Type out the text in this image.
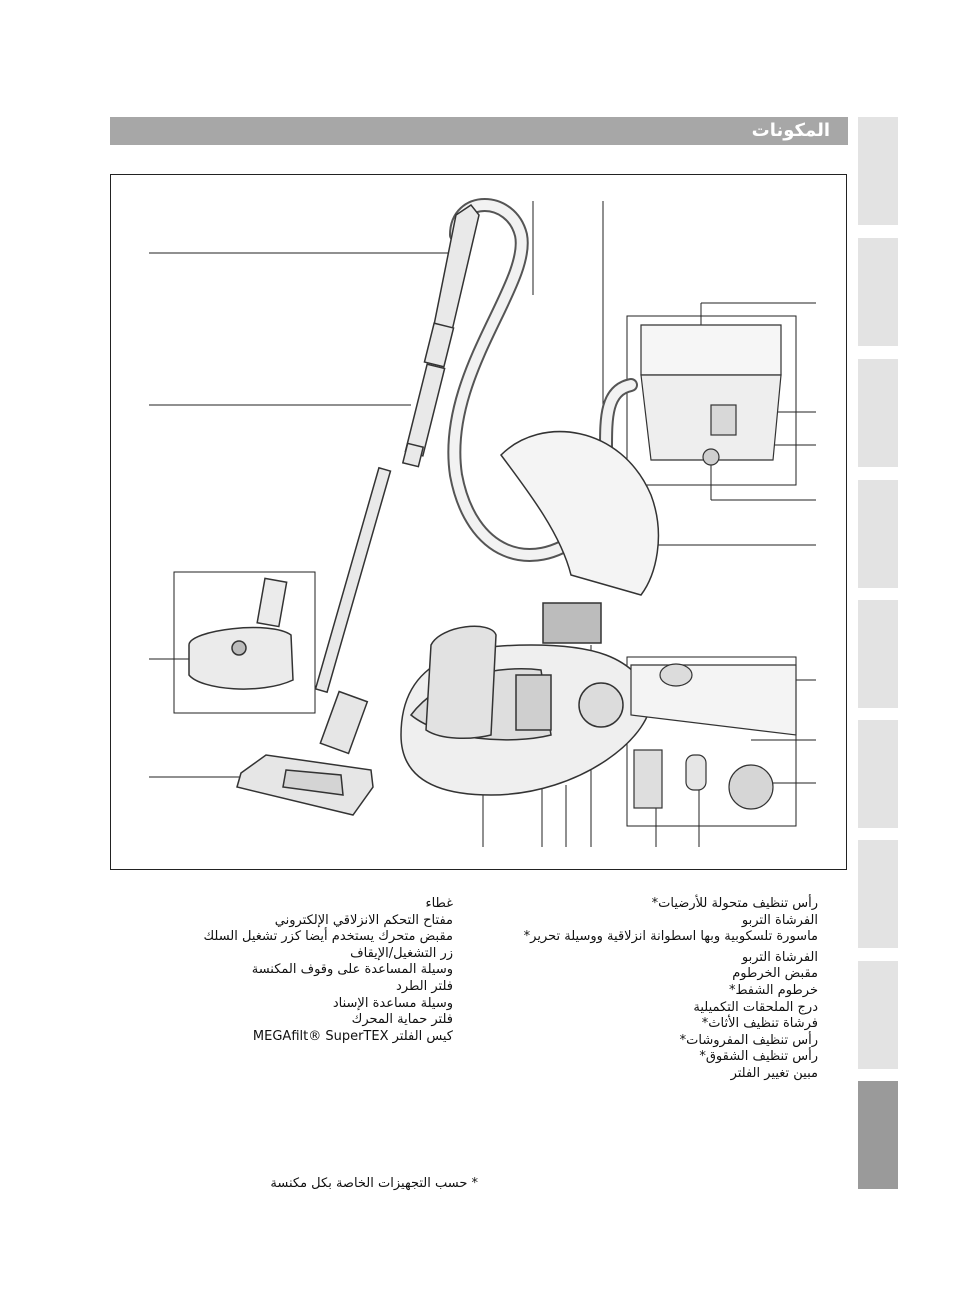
المكونات
رأس تنظيف متحولة للأرضيات*
الفرشاة التربو
ماسورة تلسكوبية وبها اسطوانة انزلاقية ووسيلة تحرير*
الفرشاة التربو
مقبض الخرطوم
خرطوم الشفط*
درج الملحقات التكميلية
فرشاة تنظيف الأثاث*
رأس تنظيف المفروشات*
رأس تنظيف الشقوق*
مبين تغيير الفلتر
غطاء
مفتاح التحكم الانزلاقي الإلكتروني
مقبض متحرك يستخدم أيضا كزر تشغيل السلك
زر التشغيل/الإيقاف
وسيلة المساعدة على وقوف المكنسة
فلتر الطرد
وسيلة مساعدة الإسناد
فلتر حماية المحرك
كيس الفلتر MEGAfilt® SuperTEX
* حسب التجهيزات الخاصة بكل مكنسة
